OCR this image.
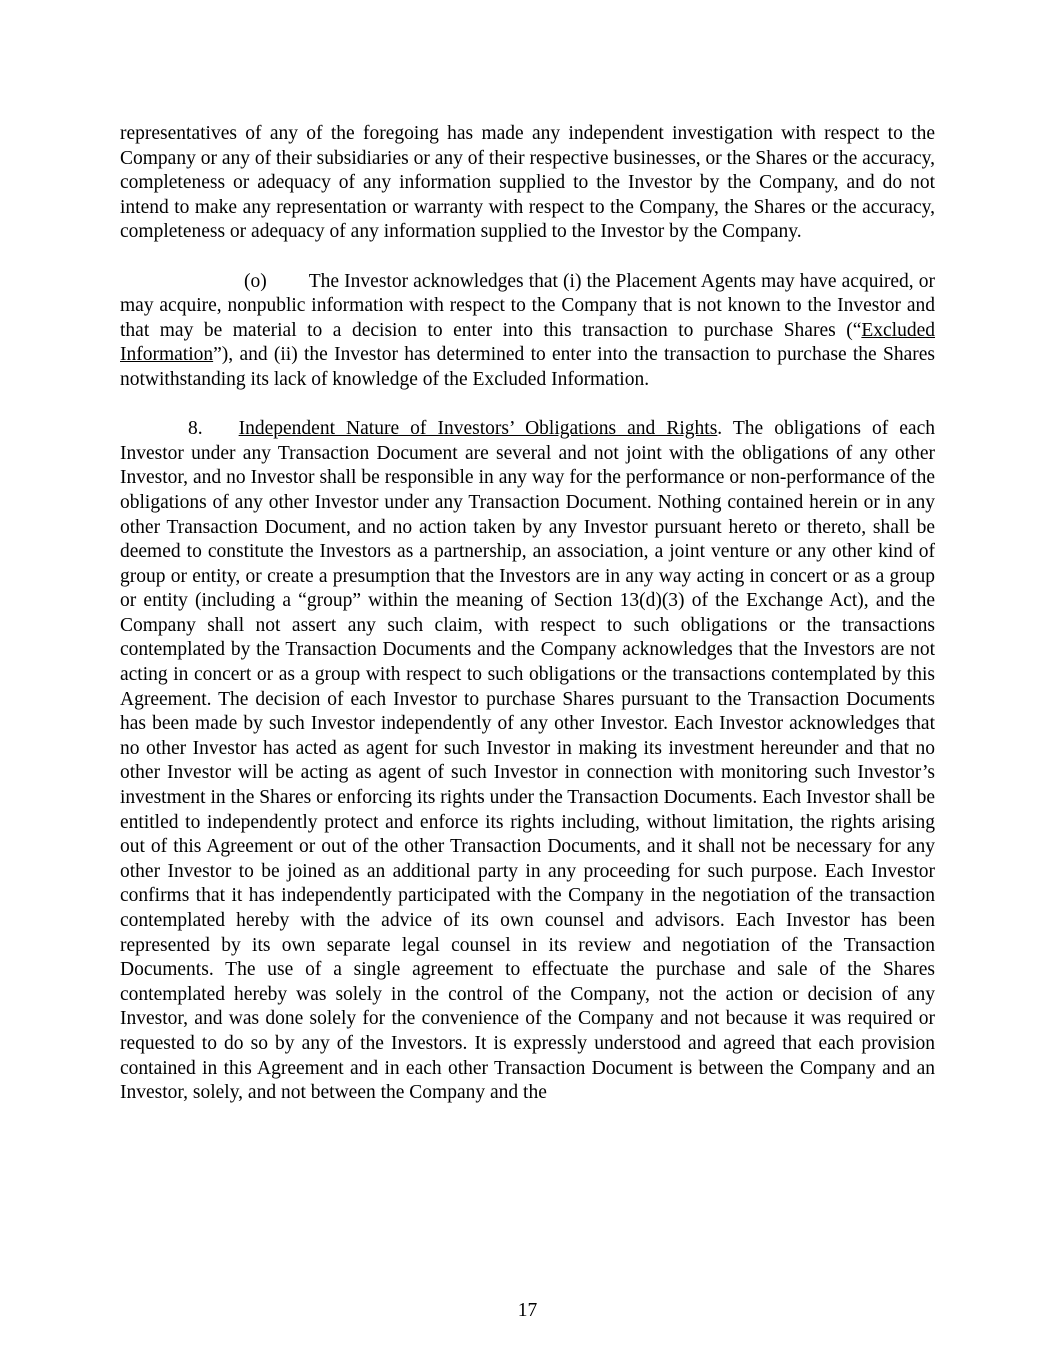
representatives of any of the foregoing has made any independent investigation with respect to the Company or any of their subsidiaries or any of their respective businesses, or the Shares or the accuracy, completeness or adequacy of any information supplied to the Investor by the Company, and do not intend to make any representation or warranty with respect to the Company, the Shares or the accuracy, completeness or adequacy of any information supplied to the Investor by the Company.

(o) The Investor acknowledges that (i) the Placement Agents may have acquired, or may acquire, nonpublic information with respect to the Company that is not known to the Investor and that may be material to a decision to enter into this transaction to purchase Shares (“Excluded Information”), and (ii) the Investor has determined to enter into the transaction to purchase the Shares notwithstanding its lack of knowledge of the Excluded Information.

8. Independent Nature of Investors’ Obligations and Rights. The obligations of each Investor under any Transaction Document are several and not joint with the obligations of any other Investor, and no Investor shall be responsible in any way for the performance or non-performance of the obligations of any other Investor under any Transaction Document. Nothing contained herein or in any other Transaction Document, and no action taken by any Investor pursuant hereto or thereto, shall be deemed to constitute the Investors as a partnership, an association, a joint venture or any other kind of group or entity, or create a presumption that the Investors are in any way acting in concert or as a group or entity (including a “group” within the meaning of Section 13(d)(3) of the Exchange Act), and the Company shall not assert any such claim, with respect to such obligations or the transactions contemplated by the Transaction Documents and the Company acknowledges that the Investors are not acting in concert or as a group with respect to such obligations or the transactions contemplated by this Agreement. The decision of each Investor to purchase Shares pursuant to the Transaction Documents has been made by such Investor independently of any other Investor. Each Investor acknowledges that no other Investor has acted as agent for such Investor in making its investment hereunder and that no other Investor will be acting as agent of such Investor in connection with monitoring such Investor’s investment in the Shares or enforcing its rights under the Transaction Documents. Each Investor shall be entitled to independently protect and enforce its rights including, without limitation, the rights arising out of this Agreement or out of the other Transaction Documents, and it shall not be necessary for any other Investor to be joined as an additional party in any proceeding for such purpose. Each Investor confirms that it has independently participated with the Company in the negotiation of the transaction contemplated hereby with the advice of its own counsel and advisors. Each Investor has been represented by its own separate legal counsel in its review and negotiation of the Transaction Documents. The use of a single agreement to effectuate the purchase and sale of the Shares contemplated hereby was solely in the control of the Company, not the action or decision of any Investor, and was done solely for the convenience of the Company and not because it was required or requested to do so by any of the Investors. It is expressly understood and agreed that each provision contained in this Agreement and in each other Transaction Document is between the Company and an Investor, solely, and not between the Company and the

17
